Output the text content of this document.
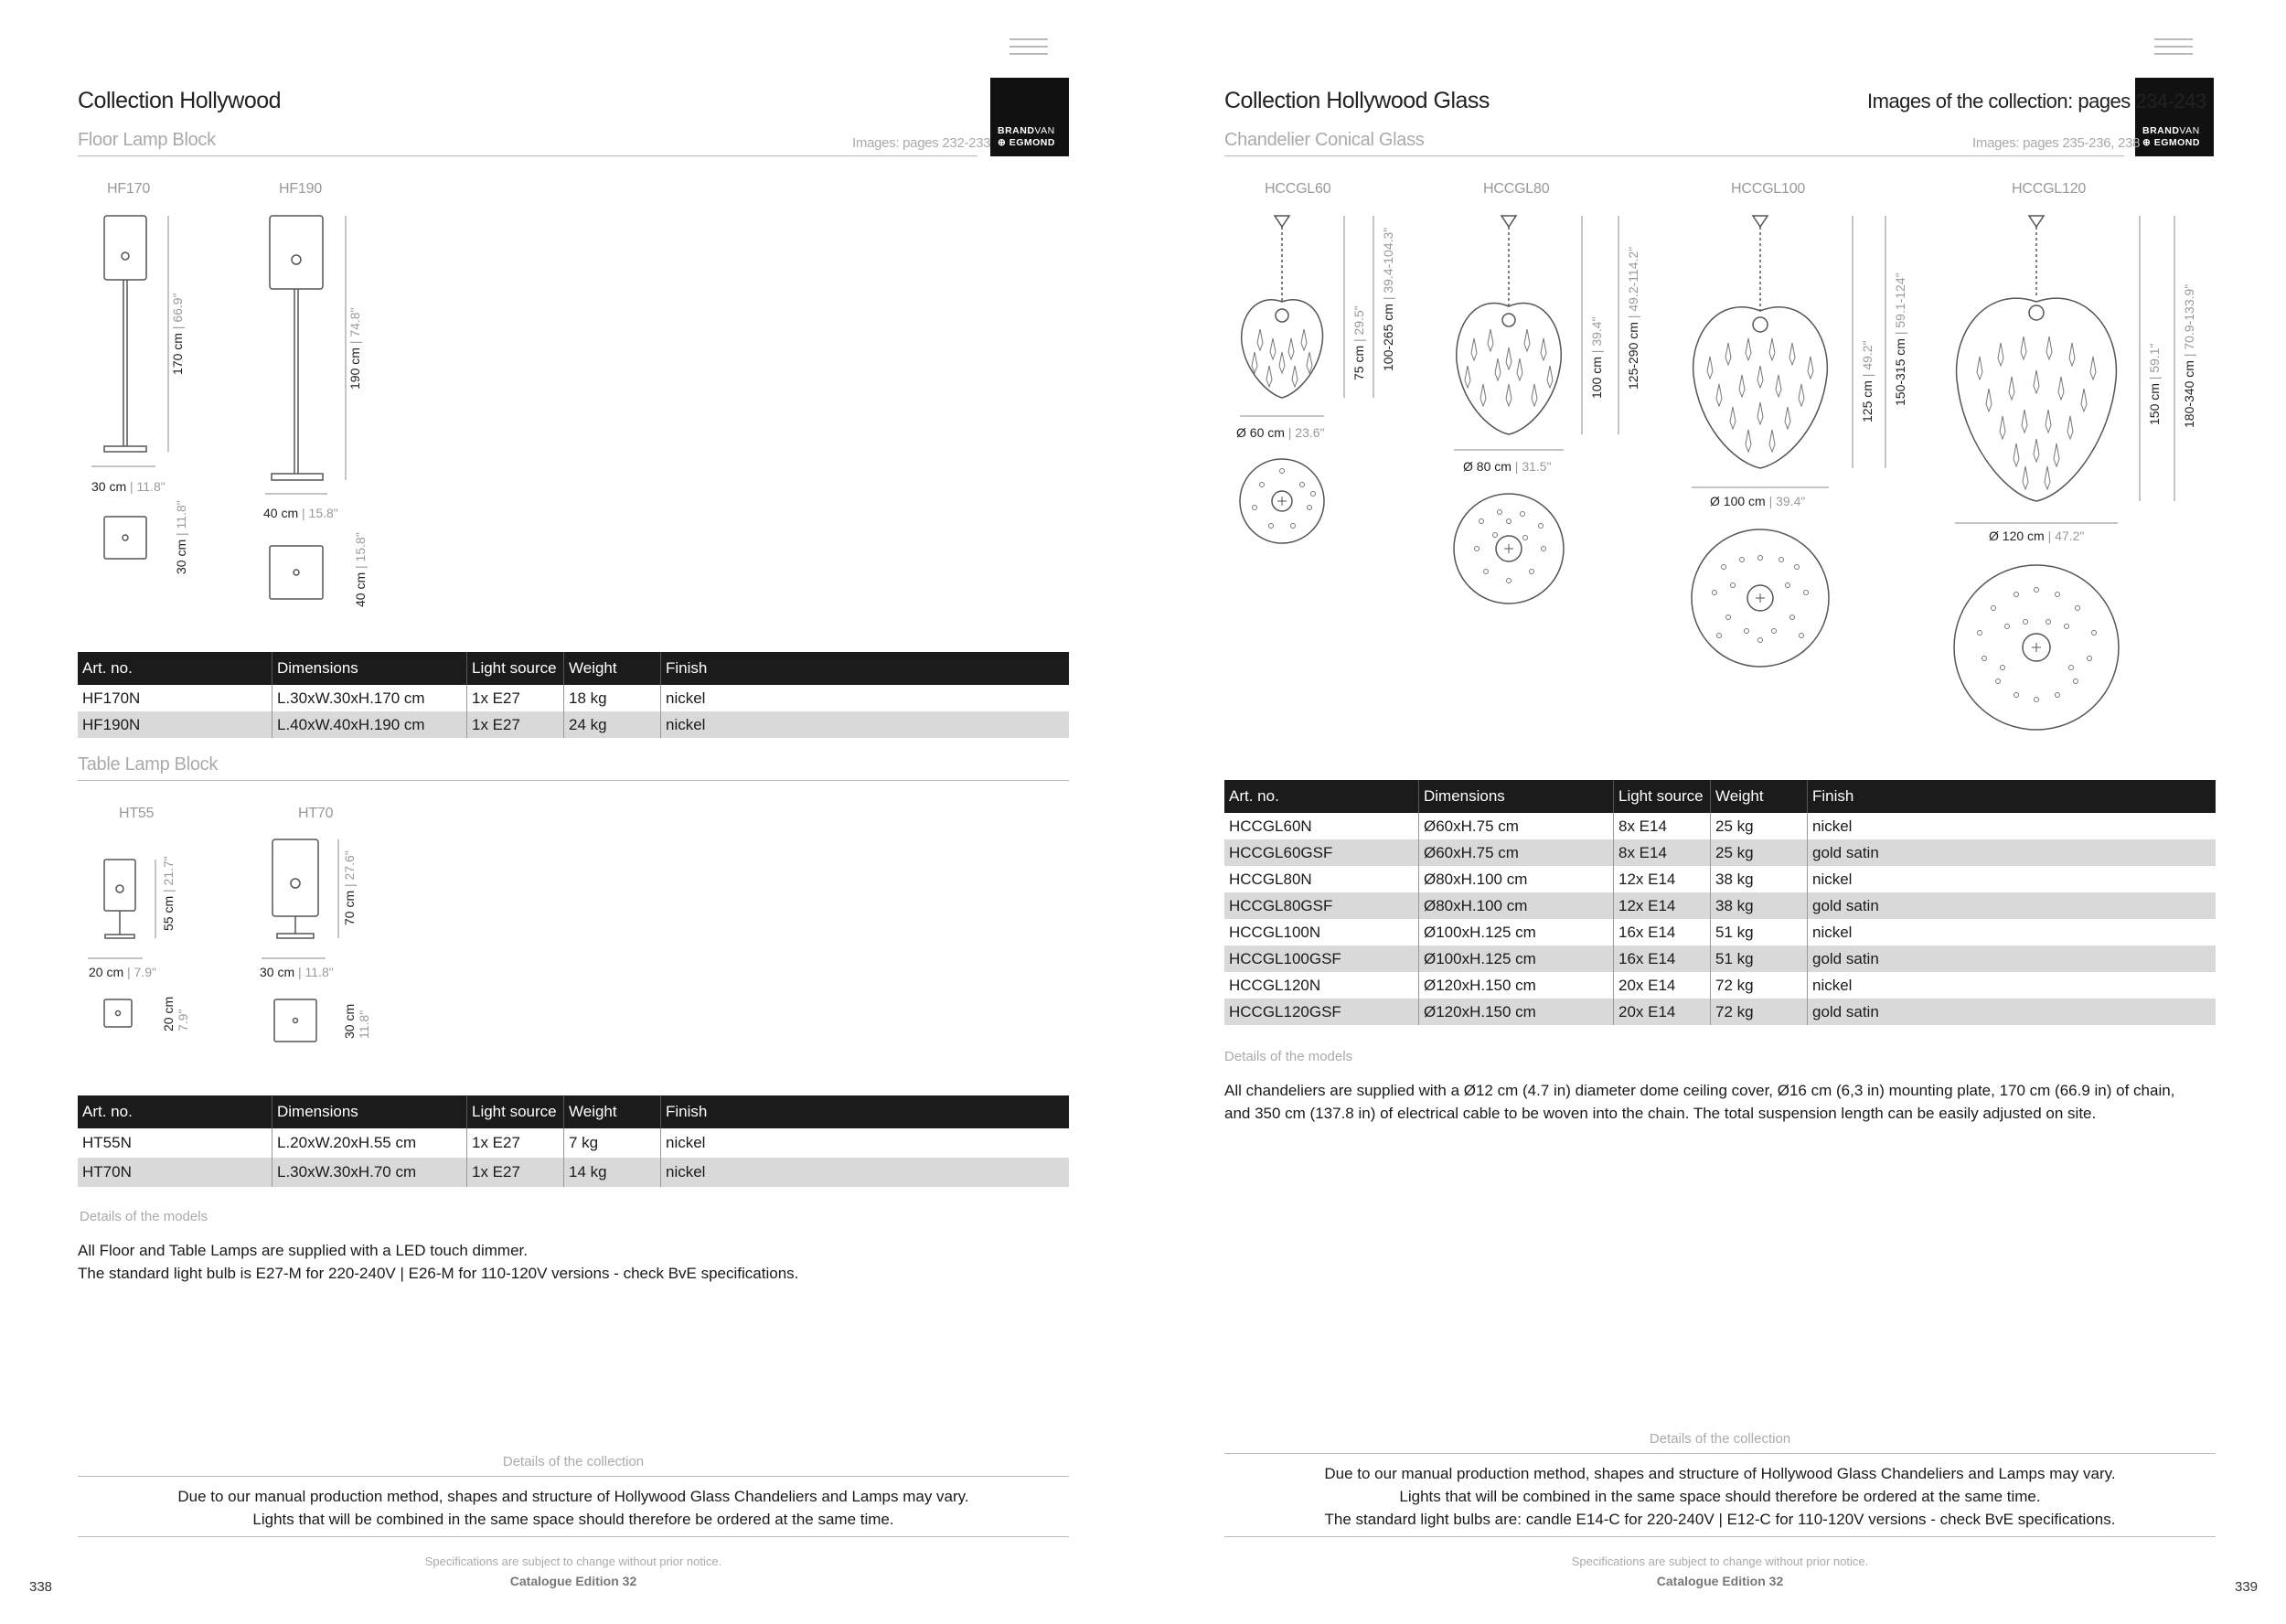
BRANDVAN
⊕ EGMOND
Collection Hollywood
Floor Lamp Block	Images: pages 232-233
HF170	HF190
170 cm | 66.9"
190 cm | 74.8"
30 cm | 11.8"
40 cm | 15.8"
30 cm | 11.8"
40 cm | 15.8"
Art. no.	Dimensions	Light source	Weight	Finish
HF170N	L.30xW.30xH.170 cm	1x E27	18 kg	nickel
HF190N	L.40xW.40xH.190 cm	1x E27	24 kg	nickel
Table Lamp Block
HT55	HT70
55 cm | 21.7"
70 cm | 27.6"
20 cm | 7.9"	30 cm | 11.8"
20 cm
7.9"	30 cm
11.8"
Art. no.	Dimensions	Light source	Weight	Finish
HT55N	L.20xW.20xH.55 cm	1x E27	7 kg	nickel
HT70N	L.30xW.30xH.70 cm	1x E27	14 kg	nickel
Details of the models
All Floor and Table Lamps are supplied with a LED touch dimmer.
The standard light bulb is E27-M for 220-240V | E26-M for 110-120V versions - check BvE specifications.
Details of the collection
Due to our manual production method, shapes and structure of Hollywood Glass Chandeliers and Lamps may vary.
Lights that will be combined in the same space should therefore be ordered at the same time.
Specifications are subject to change without prior notice.
Catalogue Edition 32
338
BRANDVAN
⊕ EGMOND
Collection Hollywood Glass	Images of the collection: pages 234-243
Chandelier Conical Glass	Images: pages 235-236, 238
HCCGL60	HCCGL80	HCCGL100	HCCGL120
Ø 60 cm | 23.6"
Ø 80 cm | 31.5"
Ø 100 cm | 39.4"
Ø 120 cm | 47.2"
75 cm | 29.5" 100-265 cm | 39.4-104.3"
100 cm | 39.4" 125-290 cm | 49.2-114.2"
125 cm | 49.2" 150-315 cm | 59.1-124"
150 cm | 59.1"
180-340 cm | 70.9-133.9"
Art. no.	Dimensions	Light source	Weight	Finish
HCCGL60N	Ø60xH.75 cm	8x E14	25 kg	nickel
HCCGL60GSF	Ø60xH.75 cm	8x E14	25 kg	gold satin
HCCGL80N	Ø80xH.100 cm	12x E14	38 kg	nickel
HCCGL80GSF	Ø80xH.100 cm	12x E14	38 kg	gold satin
HCCGL100N	Ø100xH.125 cm	16x E14	51 kg	nickel
HCCGL100GSF	Ø100xH.125 cm	16x E14	51 kg	gold satin
HCCGL120N	Ø120xH.150 cm	20x E14	72 kg	nickel
HCCGL120GSF	Ø120xH.150 cm	20x E14	72 kg	gold satin
Details of the models
All chandeliers are supplied with a Ø12 cm (4.7 in) diameter dome ceiling cover, Ø16 cm (6,3 in) mounting plate, 170 cm (66.9 in) of chain,
and 350 cm (137.8 in) of electrical cable to be woven into the chain. The total suspension length can be easily adjusted on site.
Details of the collection
Due to our manual production method, shapes and structure of Hollywood Glass Chandeliers and Lamps may vary.
Lights that will be combined in the same space should therefore be ordered at the same time.
The standard light bulbs are: candle E14-C for 220-240V | E12-C for 110-120V versions - check BvE specifications.
Specifications are subject to change without prior notice.
Catalogue Edition 32	339
